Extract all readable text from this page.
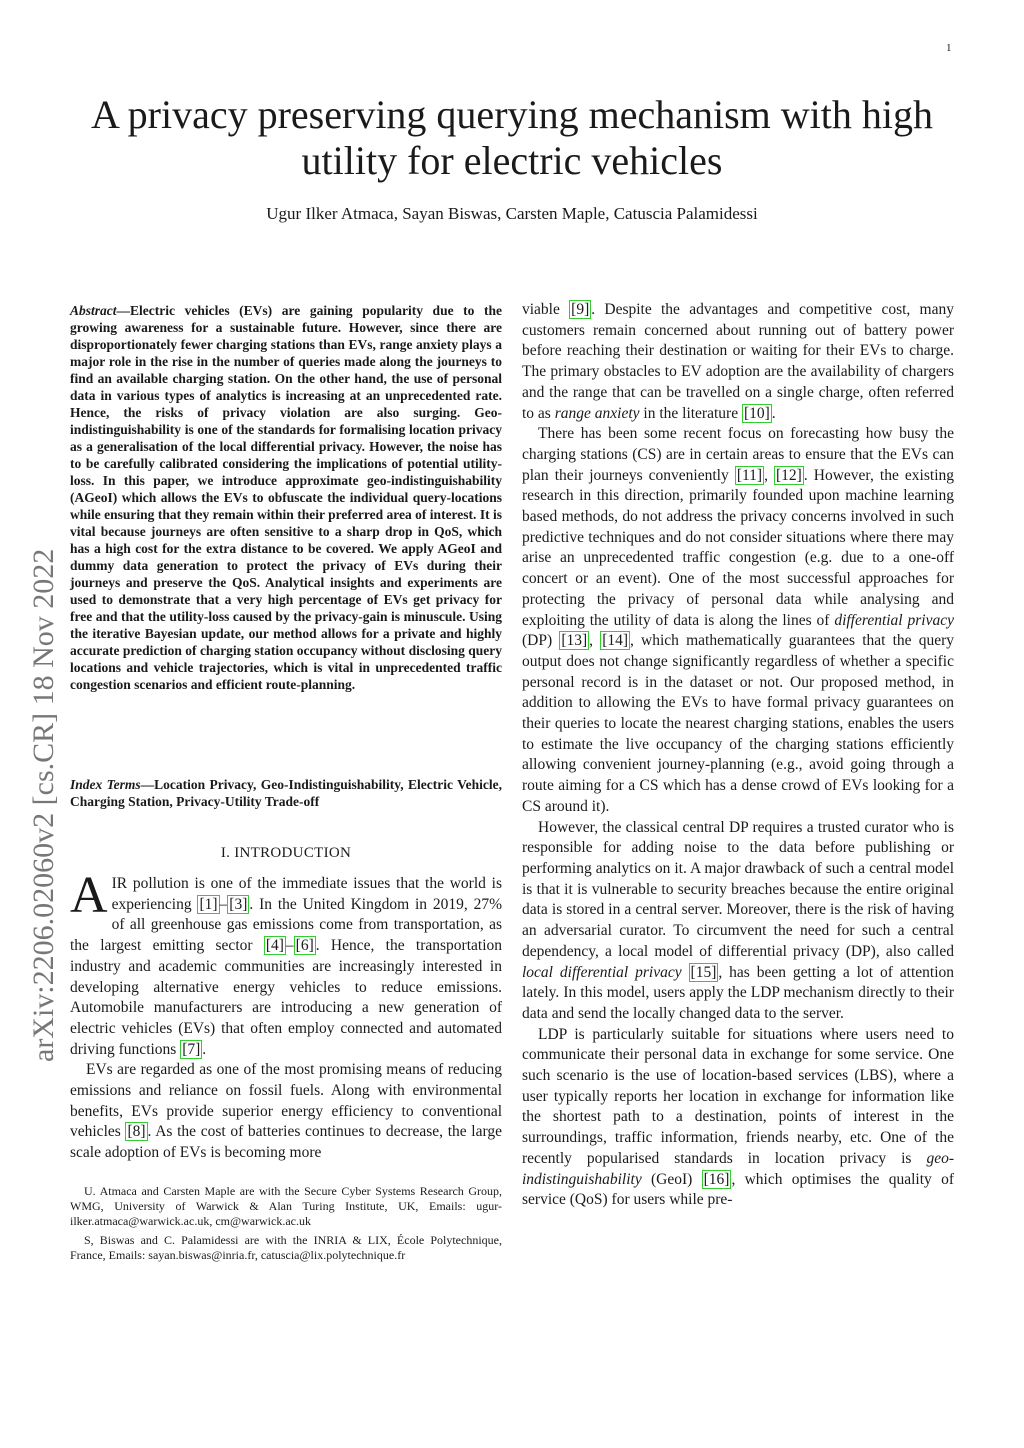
1
A privacy preserving querying mechanism with high utility for electric vehicles
Ugur Ilker Atmaca, Sayan Biswas, Carsten Maple, Catuscia Palamidessi
arXiv:2206.02060v2 [cs.CR] 18 Nov 2022

Abstract—Electric vehicles (EVs) are gaining popularity due to the growing awareness for a sustainable future. However, since there are disproportionately fewer charging stations than EVs, range anxiety plays a major role in the rise in the number of queries made along the journeys to find an available charging station. On the other hand, the use of personal data in various types of analytics is increasing at an unprecedented rate. Hence, the risks of privacy violation are also surging. Geo-indistinguishability is one of the standards for formalising location privacy as a generalisation of the local differential privacy. However, the noise has to be carefully calibrated considering the implications of potential utility-loss. In this paper, we introduce approximate geo-indistinguishability (AGeoI) which allows the EVs to obfuscate the individual query-locations while ensuring that they remain within their preferred area of interest. It is vital because journeys are often sensitive to a sharp drop in QoS, which has a high cost for the extra distance to be covered. We apply AGeoI and dummy data generation to protect the privacy of EVs during their journeys and preserve the QoS. Analytical insights and experiments are used to demonstrate that a very high percentage of EVs get privacy for free and that the utility-loss caused by the privacy-gain is minuscule. Using the iterative Bayesian update, our method allows for a private and highly accurate prediction of charging station occupancy without disclosing query locations and vehicle trajectories, which is vital in unprecedented traffic congestion scenarios and efficient route-planning.

Index Terms—Location Privacy, Geo-Indistinguishability, Electric Vehicle, Charging Station, Privacy-Utility Trade-off
I. INTRODUCTION

AIR pollution is one of the immediate issues that the world is experiencing [1] – [3] . In the United Kingdom in 2019, 27% of all greenhouse gas emissions come from transportation, as the largest emitting sector [4] – [6] . Hence, the transportation industry and academic communities are increasingly interested in developing alternative energy vehicles to reduce emissions. Automobile manufacturers are introducing a new generation of electric vehicles (EVs) that often employ connected and automated driving functions [7] .

EVs are regarded as one of the most promising means of reducing emissions and reliance on fossil fuels. Along with environmental benefits, EVs provide superior energy efficiency to conventional vehicles [8] . As the cost of batteries continues to decrease, the large scale adoption of EVs is becoming more

U. Atmaca and Carsten Maple are with the Secure Cyber Systems Research Group, WMG, University of Warwick & Alan Turing Institute, UK, Emails: ugur-ilker.atmaca@warwick.ac.uk, cm@warwick.ac.uk

S, Biswas and C. Palamidessi are with the INRIA & LIX, École Polytechnique, France, Emails: sayan.biswas@inria.fr, catuscia@lix.polytechnique.fr

viable [9] . Despite the advantages and competitive cost, many customers remain concerned about running out of battery power before reaching their destination or waiting for their EVs to charge. The primary obstacles to EV adoption are the availability of chargers and the range that can be travelled on a single charge, often referred to as range anxiety in the literature [10] .

There has been some recent focus on forecasting how busy the charging stations (CS) are in certain areas to ensure that the EVs can plan their journeys conveniently [11] , [12] . However, the existing research in this direction, primarily founded upon machine learning based methods, do not address the privacy concerns involved in such predictive techniques and do not consider situations where there may arise an unprecedented traffic congestion (e.g. due to a one-off concert or an event). One of the most successful approaches for protecting the privacy of personal data while analysing and exploiting the utility of data is along the lines of differential privacy (DP) [13] , [14] , which mathematically guarantees that the query output does not change significantly regardless of whether a specific personal record is in the dataset or not. Our proposed method, in addition to allowing the EVs to have formal privacy guarantees on their queries to locate the nearest charging stations, enables the users to estimate the live occupancy of the charging stations efficiently allowing convenient journey-planning (e.g., avoid going through a route aiming for a CS which has a dense crowd of EVs looking for a CS around it).

However, the classical central DP requires a trusted curator who is responsible for adding noise to the data before publishing or performing analytics on it. A major drawback of such a central model is that it is vulnerable to security breaches because the entire original data is stored in a central server. Moreover, there is the risk of having an adversarial curator. To circumvent the need for such a central dependency, a local model of differential privacy (DP), also called local differential privacy [15] , has been getting a lot of attention lately. In this model, users apply the LDP mechanism directly to their data and send the locally changed data to the server.

LDP is particularly suitable for situations where users need to communicate their personal data in exchange for some service. One such scenario is the use of location-based services (LBS), where a user typically reports her location in exchange for information like the shortest path to a destination, points of interest in the surroundings, traffic information, friends nearby, etc. One of the recently popularised standards in location privacy is geo-indistinguishability (GeoI) [16] , which optimises the quality of service (QoS) for users while pre-
